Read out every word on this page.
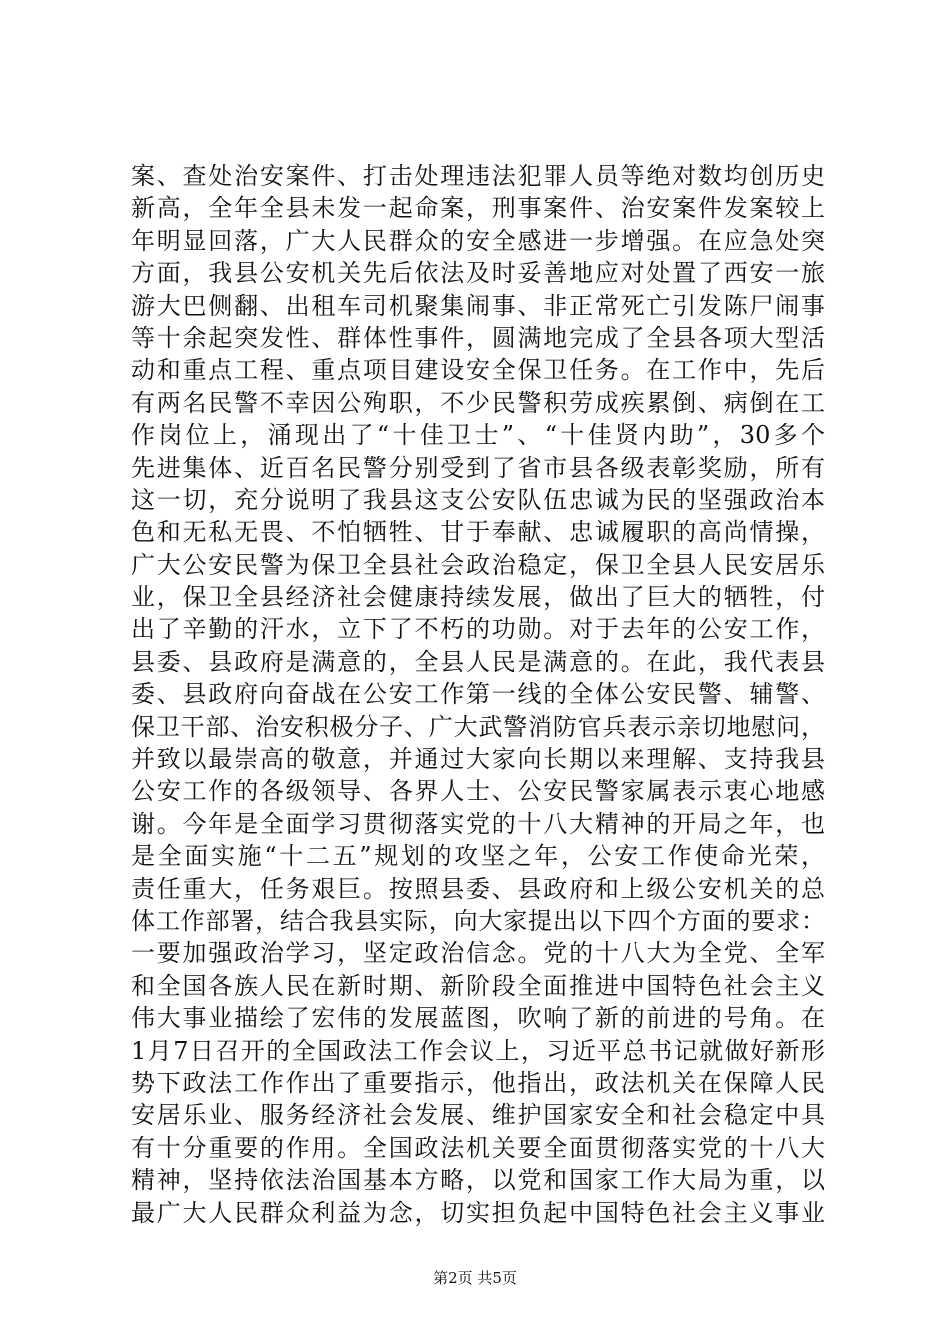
案、查处治安案件、打击处理违法犯罪人员等绝对数均创历史
新高，全年全县未发一起命案，刑事案件、治安案件发案较上
年明显回落，广大人民群众的安全感进一步增强。在应急处突
方面，我县公安机关先后依法及时妥善地应对处置了西安一旅
游大巴侧翻、出租车司机聚集闹事、非正常死亡引发陈尸闹事
等十余起突发性、群体性事件，圆满地完成了全县各项大型活
动和重点工程、重点项目建设安全保卫任务。在工作中，先后
有两名民警不幸因公殉职，不少民警积劳成疾累倒、病倒在工
作岗位上，涌现出了“十佳卫士”、“十佳贤内助”，30多个
先进集体、近百名民警分别受到了省市县各级表彰奖励，所有
这一切，充分说明了我县这支公安队伍忠诚为民的坚强政治本
色和无私无畏、不怕牺牲、甘于奉献、忠诚履职的高尚情操，
广大公安民警为保卫全县社会政治稳定，保卫全县人民安居乐
业，保卫全县经济社会健康持续发展，做出了巨大的牺牲，付
出了辛勤的汗水，立下了不朽的功勋。对于去年的公安工作，
县委、县政府是满意的，全县人民是满意的。在此，我代表县
委、县政府向奋战在公安工作第一线的全体公安民警、辅警、
保卫干部、治安积极分子、广大武警消防官兵表示亲切地慰问，
并致以最崇高的敬意，并通过大家向长期以来理解、支持我县
公安工作的各级领导、各界人士、公安民警家属表示衷心地感
谢。今年是全面学习贯彻落实党的十八大精神的开局之年，也
是全面实施“十二五”规划的攻坚之年，公安工作使命光荣，
责任重大，任务艰巨。按照县委、县政府和上级公安机关的总
体工作部署，结合我县实际，向大家提出以下四个方面的要求：
一要加强政治学习，坚定政治信念。党的十八大为全党、全军
和全国各族人民在新时期、新阶段全面推进中国特色社会主义
伟大事业描绘了宏伟的发展蓝图，吹响了新的前进的号角。在
1月7日召开的全国政法工作会议上，习近平总书记就做好新形
势下政法工作作出了重要指示，他指出，政法机关在保障人民
安居乐业、服务经济社会发展、维护国家安全和社会稳定中具
有十分重要的作用。全国政法机关要全面贯彻落实党的十八大
精神，坚持依法治国基本方略，以党和国家工作大局为重，以
最广大人民群众利益为念，切实担负起中国特色社会主义事业
第2页 共5页
